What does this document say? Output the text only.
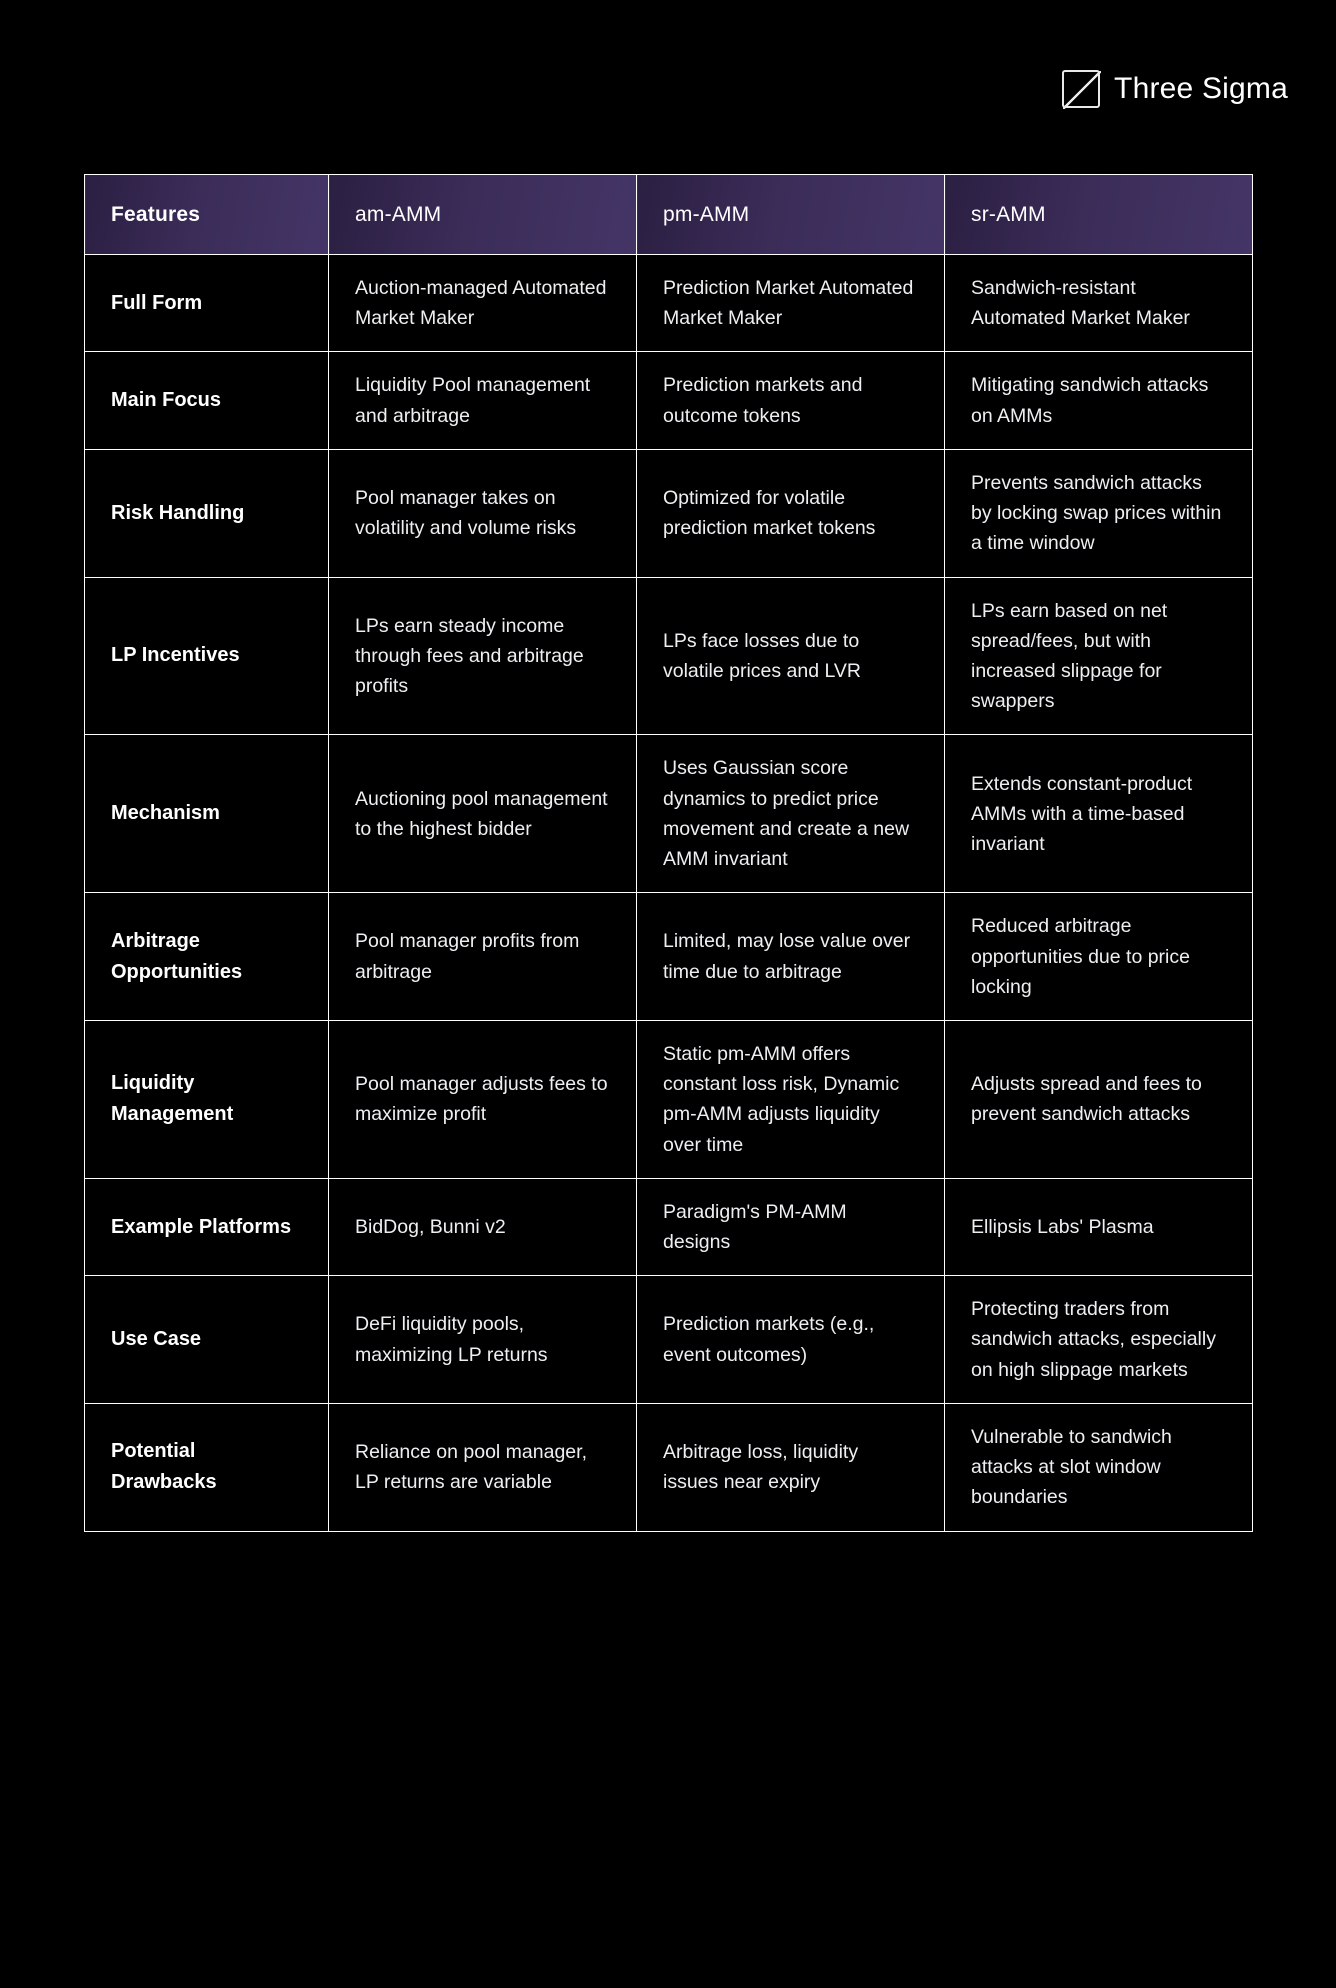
Three Sigma
Features	am-AMM	pm-AMM	sr-AMM
Full Form	Auction-managed Automated Market Maker	Prediction Market Automated Market Maker	Sandwich-resistant Automated Market Maker
Main Focus	Liquidity Pool management and arbitrage	Prediction markets and outcome tokens	Mitigating sandwich attacks on AMMs
Risk Handling	Pool manager takes on volatility and volume risks	Optimized for volatile prediction market tokens	Prevents sandwich attacks by locking swap prices within a time window
LP Incentives	LPs earn steady income through fees and arbitrage profits	LPs face losses due to volatile prices and LVR	LPs earn based on net spread/fees, but with increased slippage for swappers
Mechanism	Auctioning pool management to the highest bidder	Uses Gaussian score dynamics to predict price movement and create a new AMM invariant	Extends constant-product AMMs with a time-based invariant
Arbitrage Opportunities	Pool manager profits from arbitrage	Limited, may lose value over time due to arbitrage	Reduced arbitrage opportunities due to price locking
Liquidity Management	Pool manager adjusts fees to maximize profit	Static pm-AMM offers constant loss risk, Dynamic pm-AMM adjusts liquidity over time	Adjusts spread and fees to prevent sandwich attacks
Example Platforms	BidDog, Bunni v2	Paradigm's PM-AMM designs	Ellipsis Labs' Plasma
Use Case	DeFi liquidity pools, maximizing LP returns	Prediction markets (e.g., event outcomes)	Protecting traders from sandwich attacks, especially on high slippage markets
Potential Drawbacks	Reliance on pool manager, LP returns are variable	Arbitrage loss, liquidity issues near expiry	Vulnerable to sandwich attacks at slot window boundaries
